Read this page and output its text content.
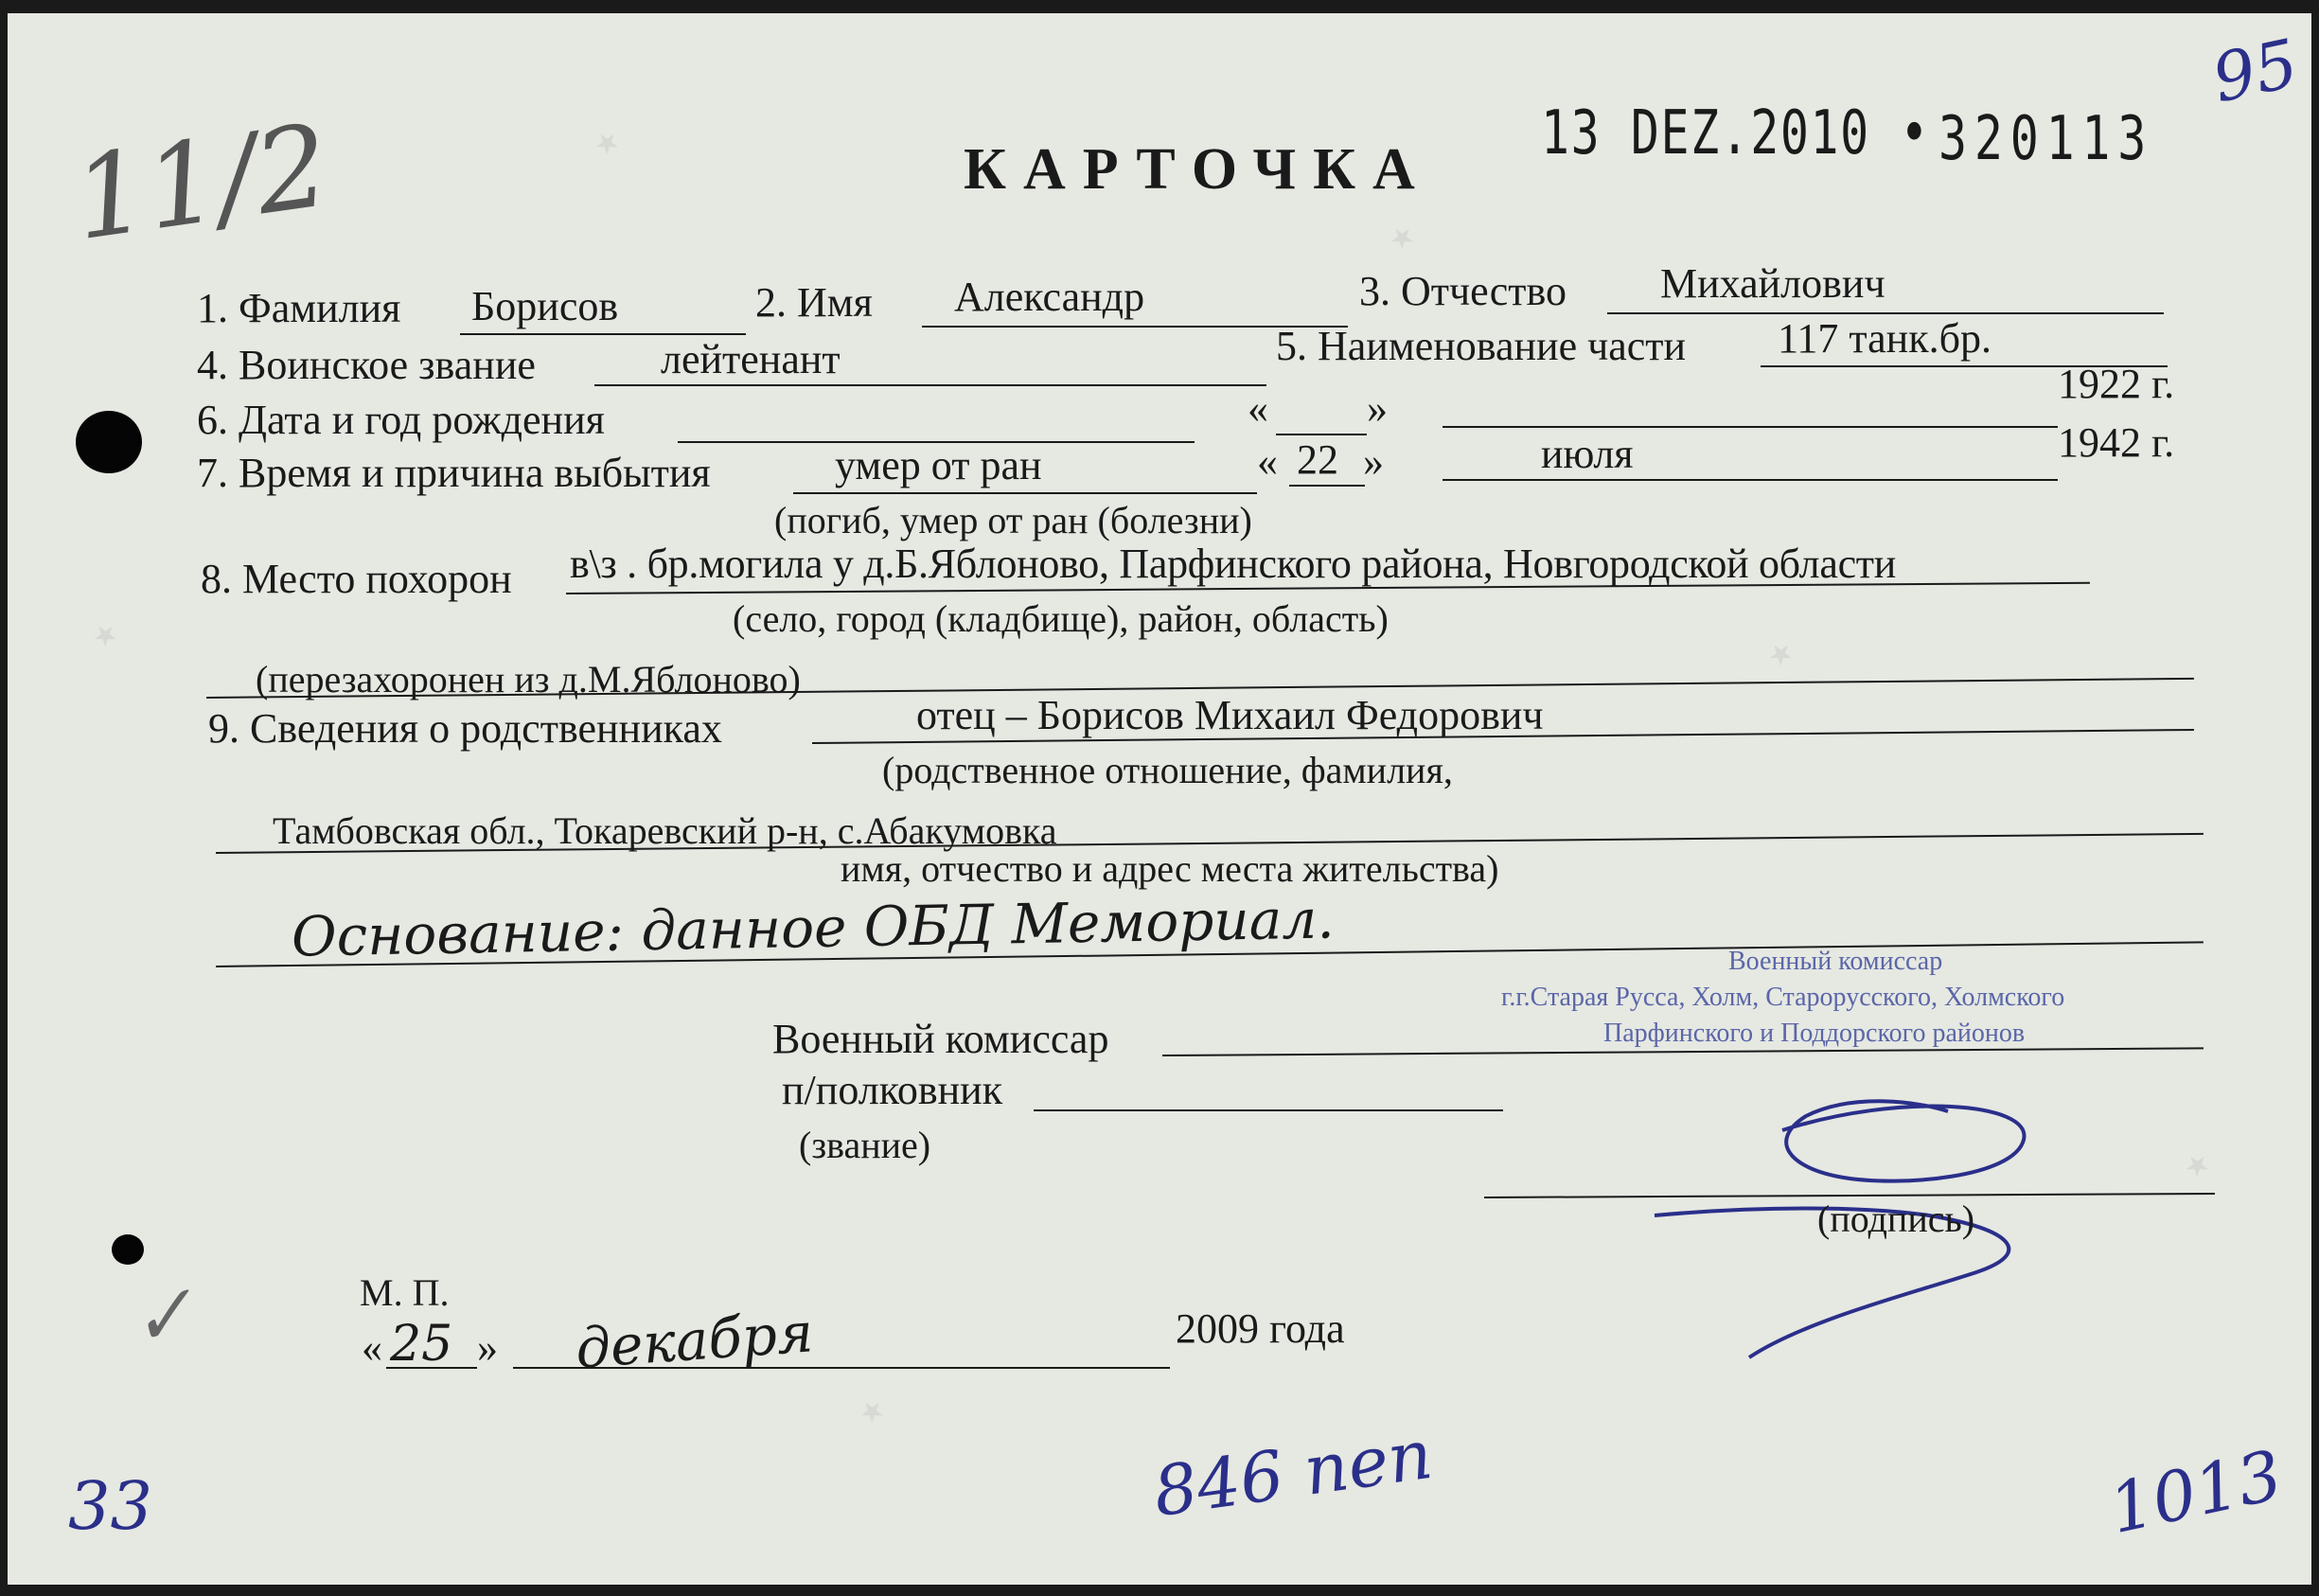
★
★
★	★
★
★
11/2
95
КАРТОЧКА
13 DEZ.2010 • 320113
1. Фамилия Борисов	2. Имя Александр	3. Отчество Михайлович
4. Воинское звание	лейтенант	5. Наименование части 117 танк.бр.
6. Дата и год рождения	« »
1922 г.
7. Время и причина выбытия	умер от ран	« 22 »	июля	1942 г.
(погиб, умер от ран (болезни)
8. Место похорон в\з . бр.могила у д.Б.Яблоново, Парфинского района, Новгородской области
(село, город (кладбище), район, область)
(перезахоронен из д.М.Яблоново)
9. Сведения о родственниках	отец – Борисов Михаил Федорович
(родственное отношение, фамилия,
Тамбовская обл., Токаревский р-н, с.Абакумовка
имя, отчество и адрес места жительства)
Основание: данное ОБД Мемориал.
Военный комиссар
п/полковник
(звание)
Военный комиссар
г.г.Старая Русса, Холм, Старорусского, Холмского
Парфинского и Поддорского районов
(подпись)
М. П.
« 25 » декабря	2009 года
✓
33	846 пеп	1013
